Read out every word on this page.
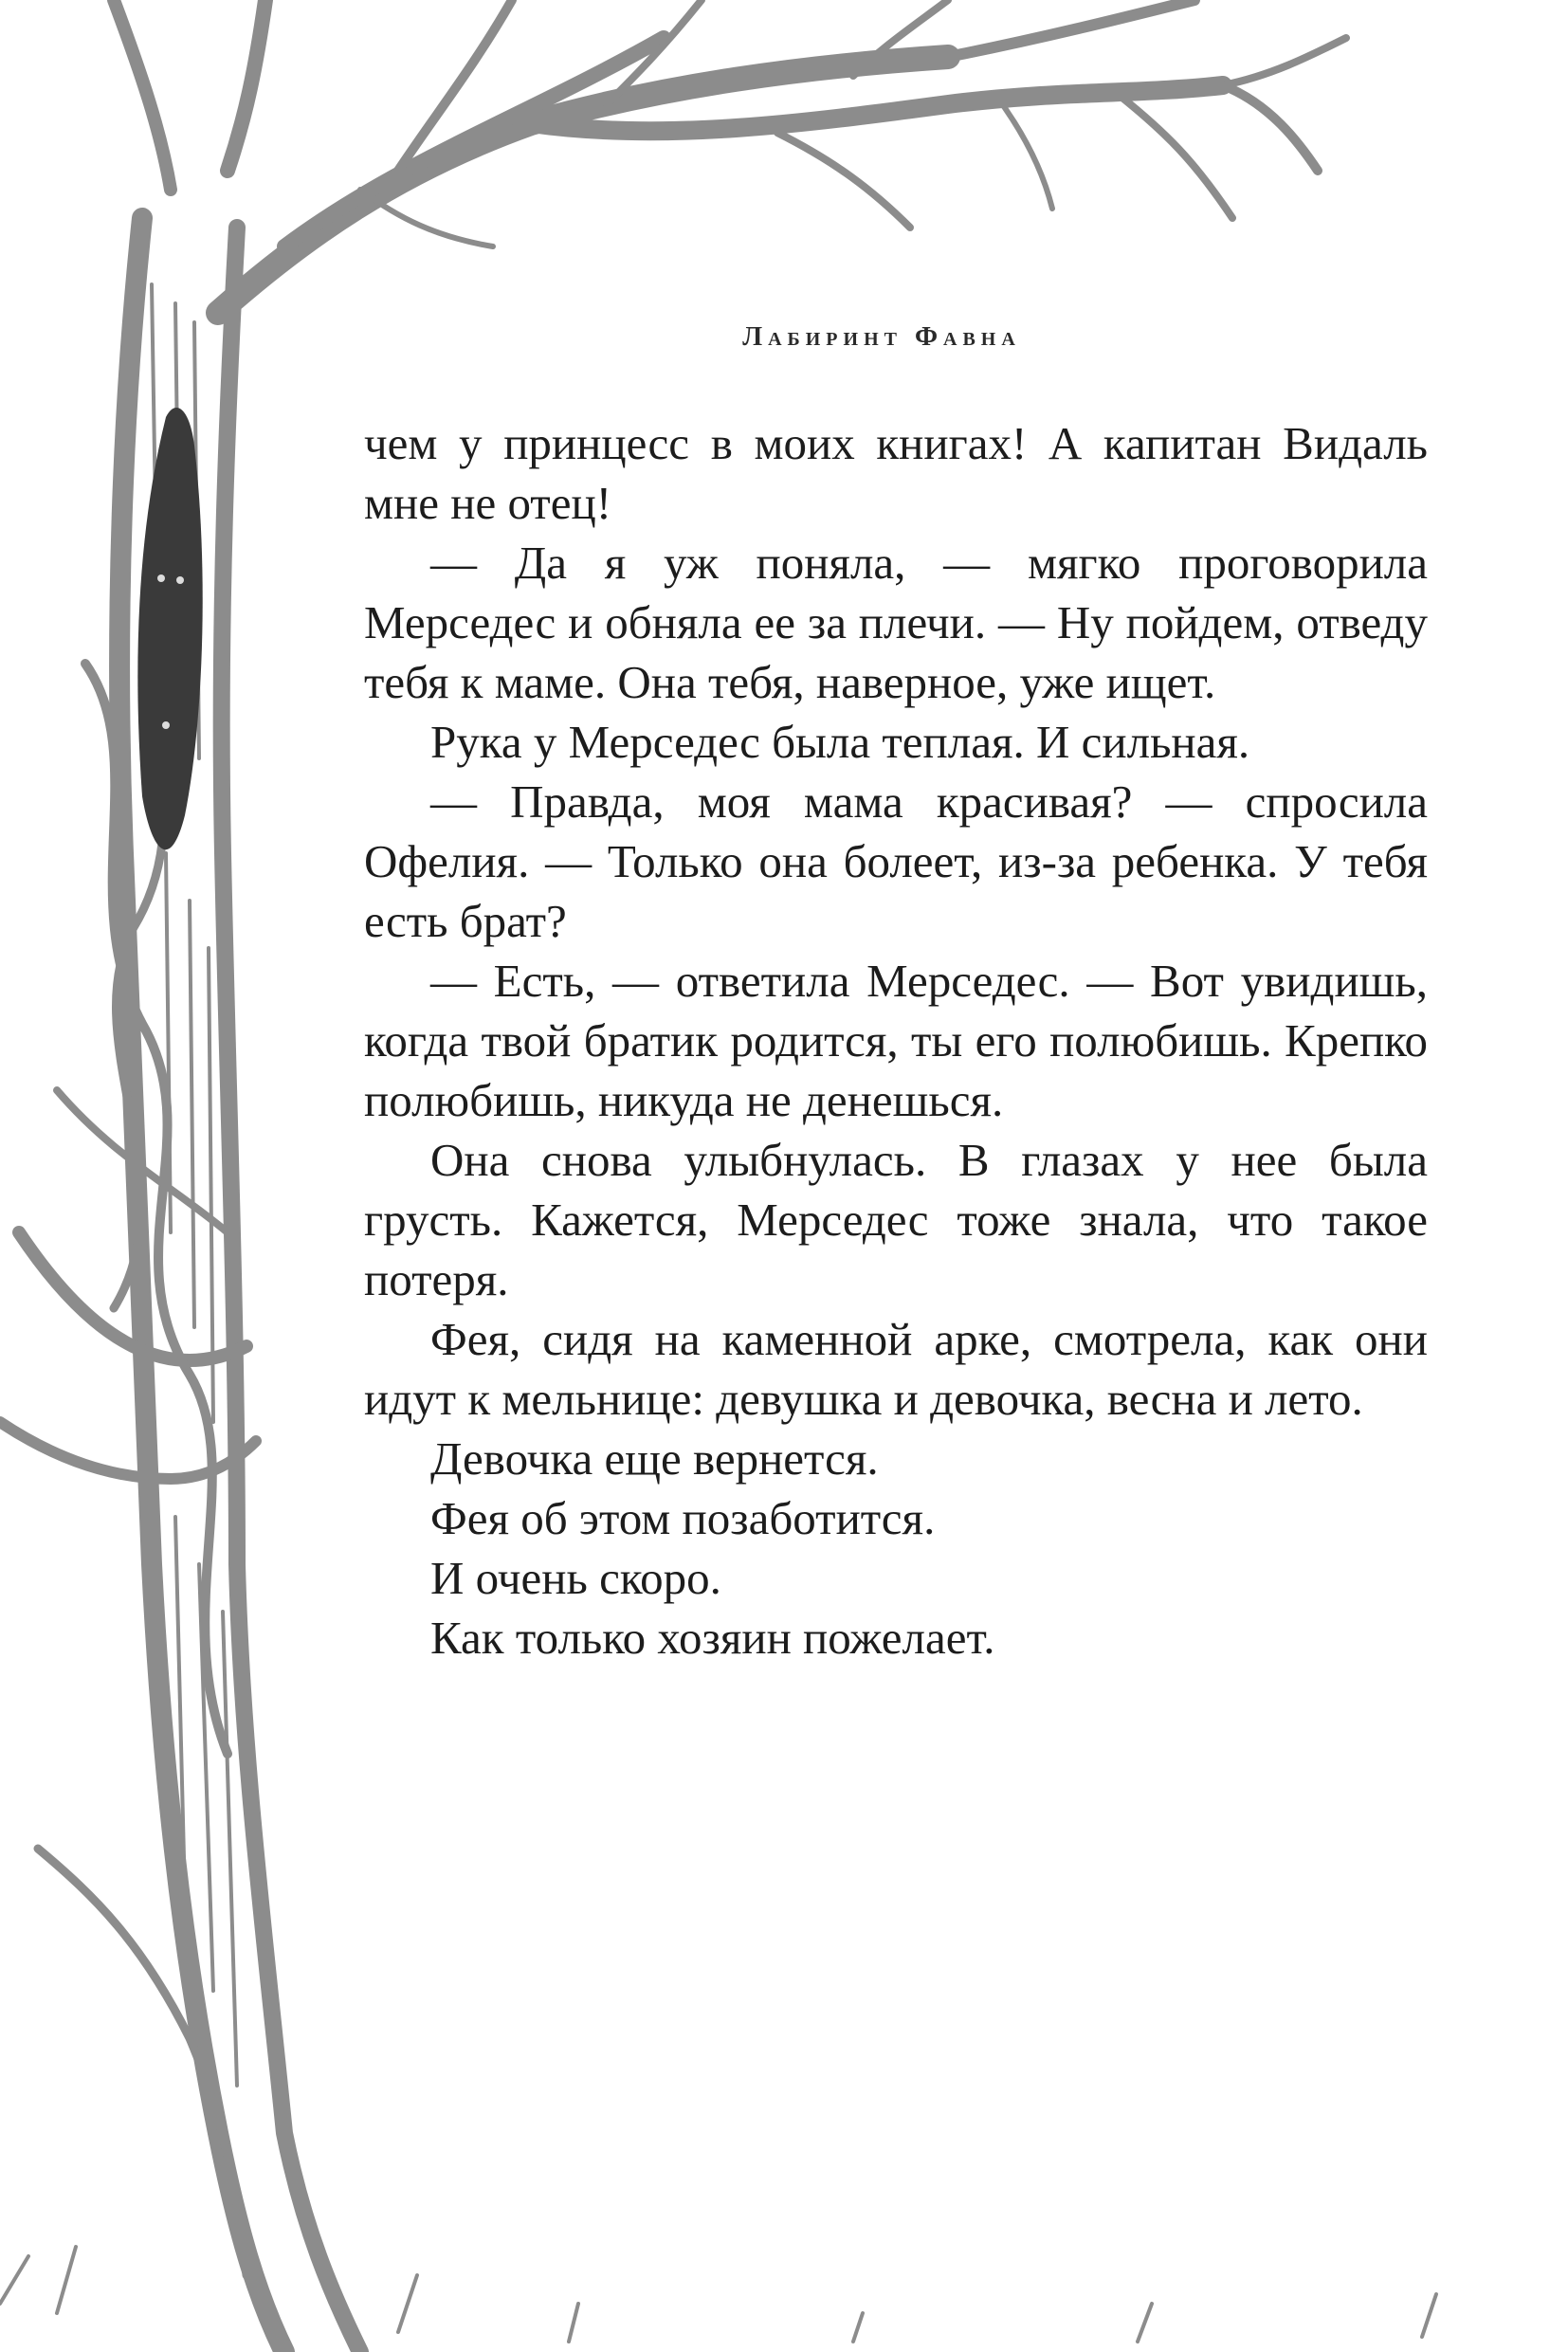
Лабиринт Фавна

чем у принцесс в моих книгах! А капитан Видаль мне не отец!

— Да я уж поняла, — мягко проговорила Мерседес и обняла ее за плечи. — Ну пойдем, отведу тебя к маме. Она тебя, наверное, уже ищет.

Рука у Мерседес была теплая. И сильная.

— Правда, моя мама красивая? — спросила Офелия. — Только она болеет, из-за ребенка. У тебя есть брат?

— Есть, — ответила Мерседес. — Вот увидишь, когда твой братик родится, ты его полюбишь. Крепко полюбишь, никуда не денешься.

Она снова улыбнулась. В глазах у нее была грусть. Кажется, Мерседес тоже знала, что такое потеря.

Фея, сидя на каменной арке, смотрела, как они идут к мельнице: девушка и девочка, весна и лето.

Девочка еще вернется.

Фея об этом позаботится.

И очень скоро.

Как только хозяин пожелает.
